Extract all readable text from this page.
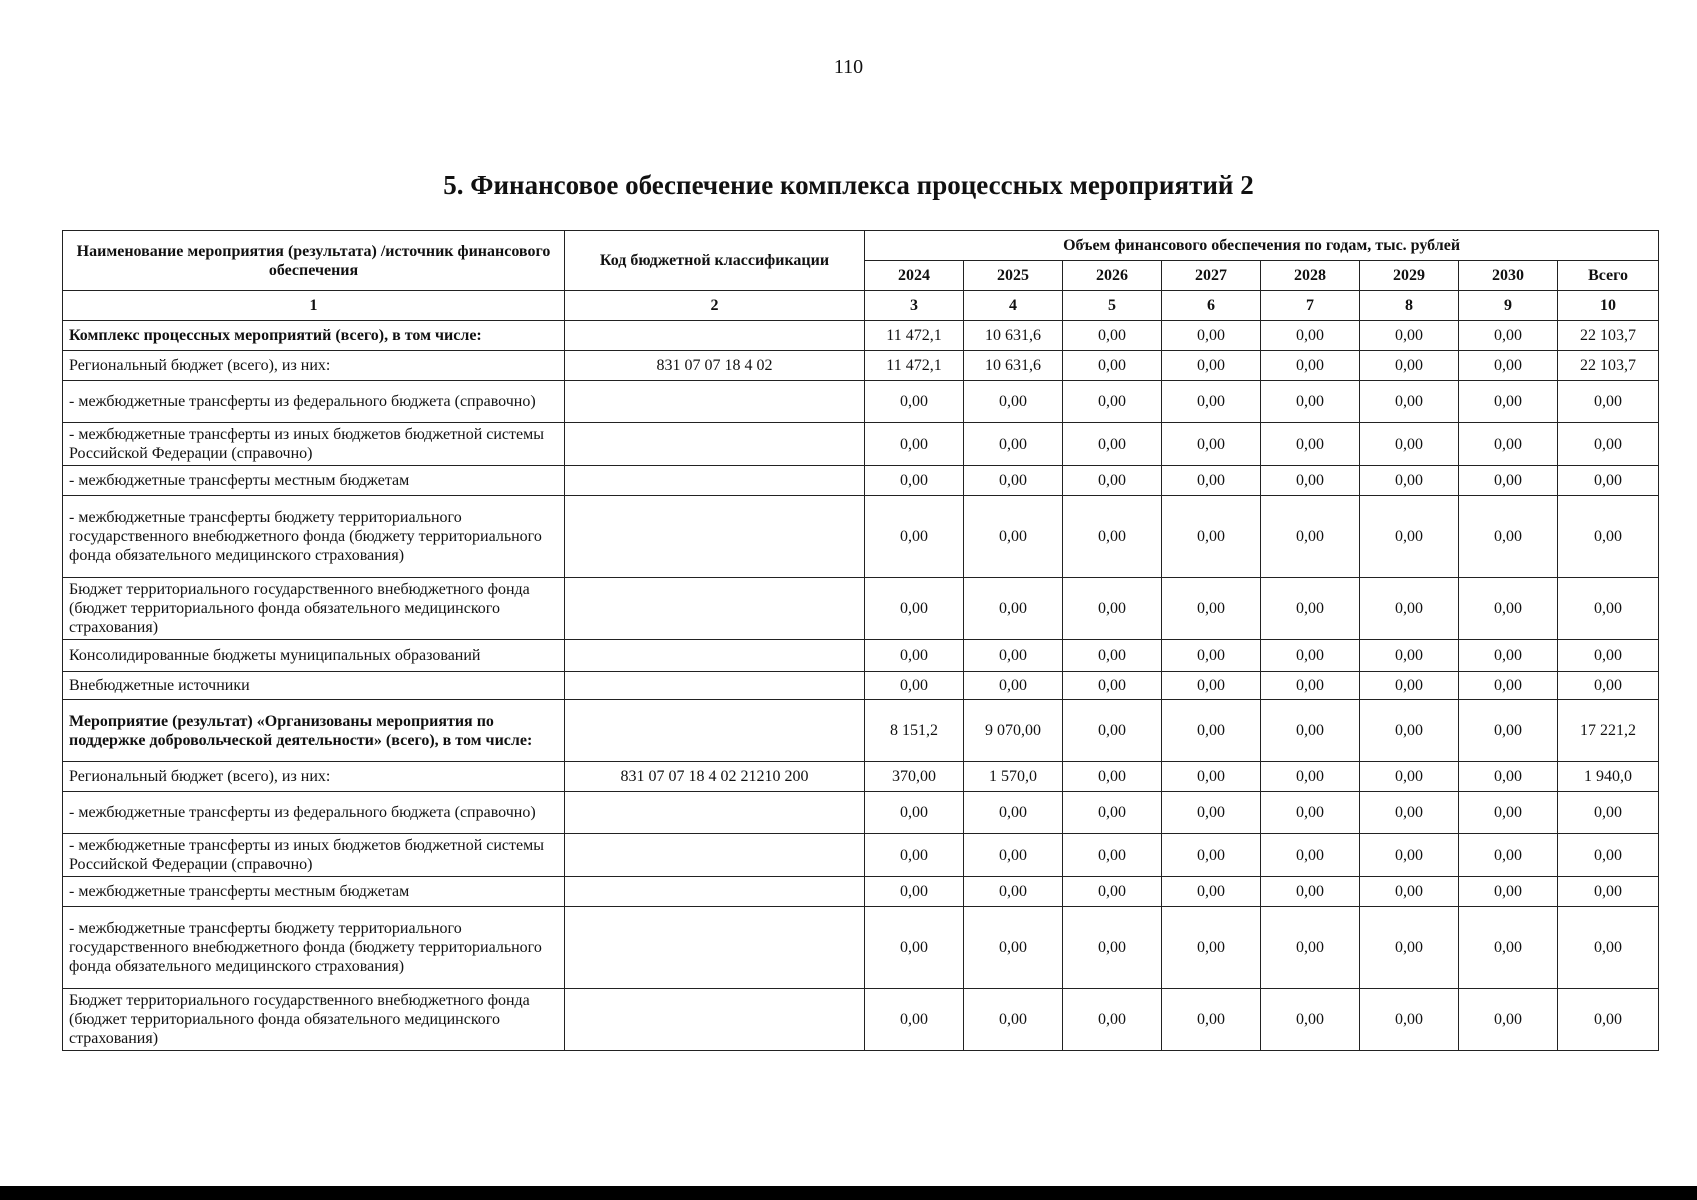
110
5. Финансовое обеспечение комплекса процессных мероприятий 2
Наименование мероприятия (результата) /источник финансового обеспечения	Код бюджетной классификации	Объем финансового обеспечения по годам, тыс. рублей							
		2024	2025	2026	2027	2028	2029	2030	Всего
1	2	3	4	5	6	7	8	9	10
Комплекс процессных мероприятий (всего), в том числе:		11 472,1	10 631,6	0,00	0,00	0,00	0,00	0,00	22 103,7
Региональный бюджет (всего), из них:	831 07 07 18 4 02	11 472,1	10 631,6	0,00	0,00	0,00	0,00	0,00	22 103,7
- межбюджетные трансферты из федерального бюджета (справочно)		0,00	0,00	0,00	0,00	0,00	0,00	0,00	0,00
- межбюджетные трансферты из иных бюджетов бюджетной системы Российской Федерации (справочно)		0,00	0,00	0,00	0,00	0,00	0,00	0,00	0,00
- межбюджетные трансферты местным бюджетам		0,00	0,00	0,00	0,00	0,00	0,00	0,00	0,00
- межбюджетные трансферты бюджету территориального государственного внебюджетного фонда (бюджету территориального фонда обязательного медицинского страхования)		0,00	0,00	0,00	0,00	0,00	0,00	0,00	0,00
Бюджет территориального государственного внебюджетного фонда (бюджет территориального фонда обязательного медицинского страхования)		0,00	0,00	0,00	0,00	0,00	0,00	0,00	0,00
Консолидированные бюджеты муниципальных образований		0,00	0,00	0,00	0,00	0,00	0,00	0,00	0,00
Внебюджетные источники		0,00	0,00	0,00	0,00	0,00	0,00	0,00	0,00
Мероприятие (результат) «Организованы мероприятия по поддержке добровольческой деятельности» (всего), в том числе:		8 151,2	9 070,00	0,00	0,00	0,00	0,00	0,00	17 221,2
Региональный бюджет (всего), из них:	831 07 07 18 4 02 21210 200	370,00	1 570,0	0,00	0,00	0,00	0,00	0,00	1 940,0
- межбюджетные трансферты из федерального бюджета (справочно)		0,00	0,00	0,00	0,00	0,00	0,00	0,00	0,00
- межбюджетные трансферты из иных бюджетов бюджетной системы Российской Федерации (справочно)		0,00	0,00	0,00	0,00	0,00	0,00	0,00	0,00
- межбюджетные трансферты местным бюджетам		0,00	0,00	0,00	0,00	0,00	0,00	0,00	0,00
- межбюджетные трансферты бюджету территориального государственного внебюджетного фонда (бюджету территориального фонда обязательного медицинского страхования)		0,00	0,00	0,00	0,00	0,00	0,00	0,00	0,00
Бюджет территориального государственного внебюджетного фонда (бюджет территориального фонда обязательного медицинского страхования)		0,00	0,00	0,00	0,00	0,00	0,00	0,00	0,00
